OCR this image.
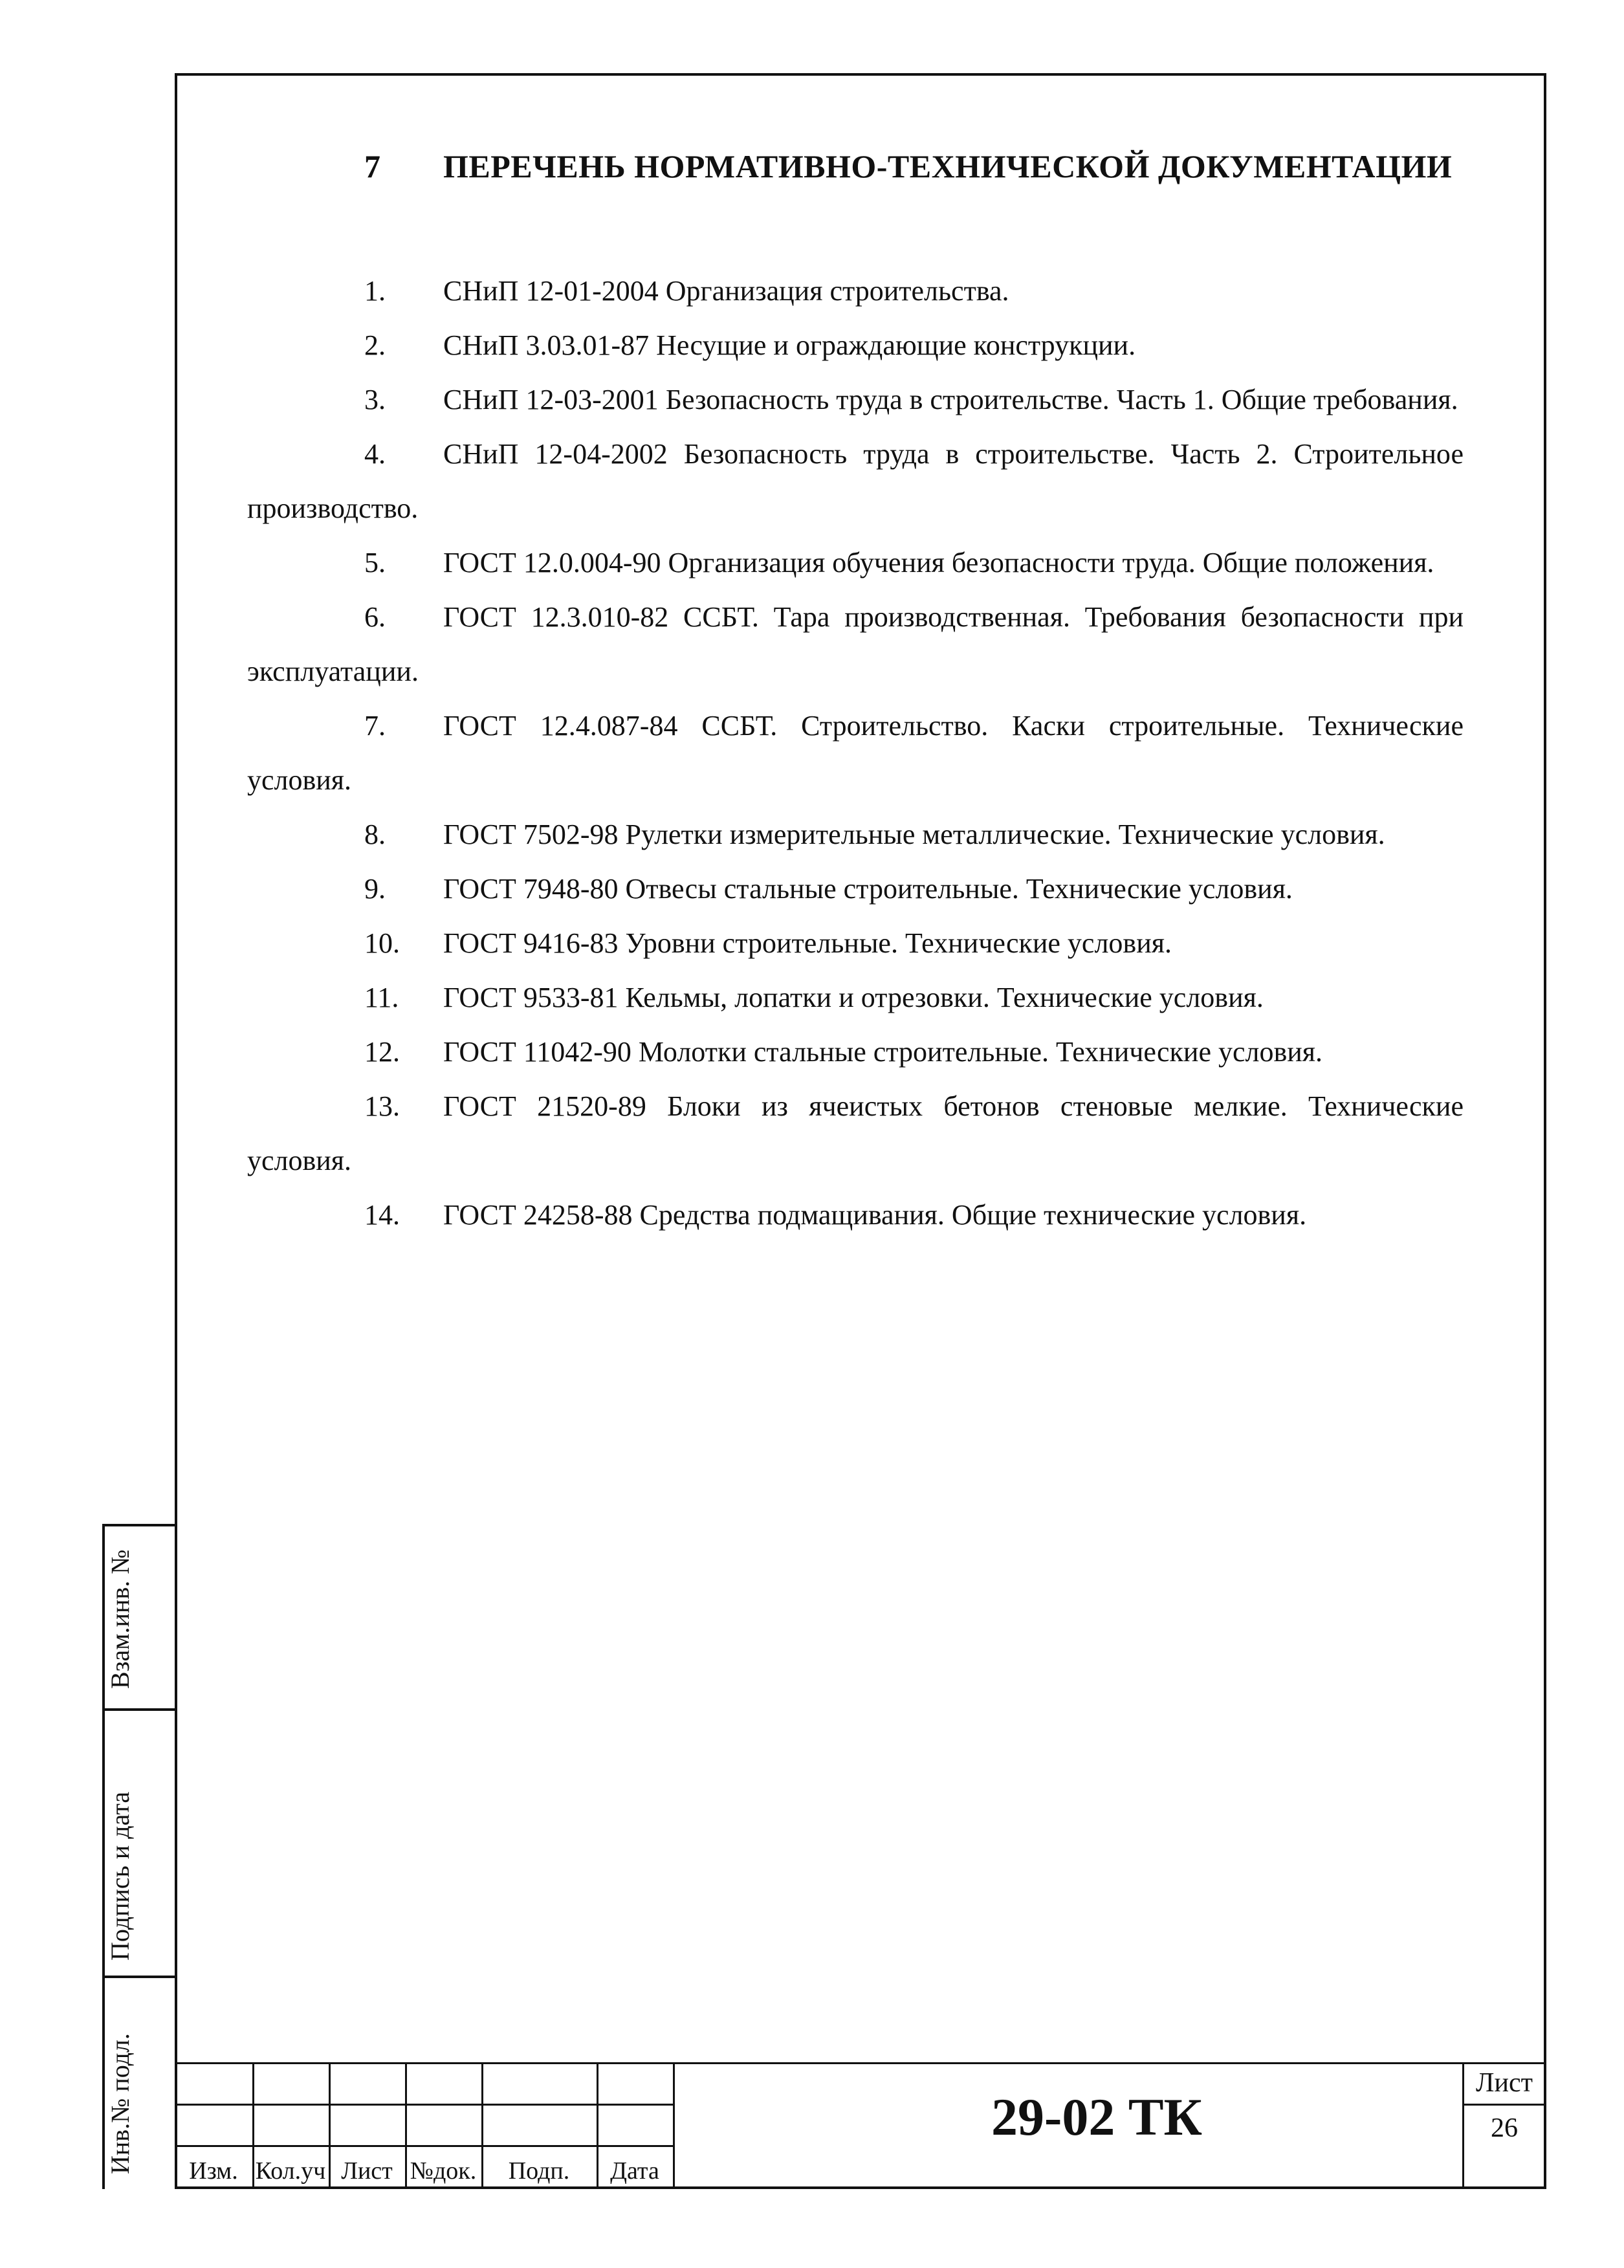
7 ПЕРЕЧЕНЬ НОРМАТИВНО-ТЕХНИЧЕСКОЙ ДОКУМЕНТАЦИИ

1. СНиП 12-01-2004 Организация строительства.

2. СНиП 3.03.01-87 Несущие и ограждающие конструкции.

3. СНиП 12-03-2001 Безопасность труда в строительстве. Часть 1. Общие требования.

4. СНиП 12-04-2002 Безопасность труда в строительстве. Часть 2. Строительное производство.

5. ГОСТ 12.0.004-90 Организация обучения безопасности труда. Общие положения.

6. ГОСТ 12.3.010-82 ССБТ. Тара производственная. Требования безопасности при эксплуатации.

7. ГОСТ 12.4.087-84 ССБТ. Строительство. Каски строительные. Технические условия.

8. ГОСТ 7502-98 Рулетки измерительные металлические. Технические условия.

9. ГОСТ 7948-80 Отвесы стальные строительные. Технические условия.

10. ГОСТ 9416-83 Уровни строительные. Технические условия.

11. ГОСТ 9533-81 Кельмы, лопатки и отрезовки. Технические условия.

12. ГОСТ 11042-90 Молотки стальные строительные. Технические условия.

13. ГОСТ 21520-89 Блоки из ячеистых бетонов стеновые мелкие. Технические условия.

14. ГОСТ 24258-88 Средства подмащивания. Общие технические условия.

Взам.инв. №
Подпись и дата
Инв.№ подл.	Изм. Кол.уч Лист №док.	Подп.	Дата
29-02 ТК
Лист
26
